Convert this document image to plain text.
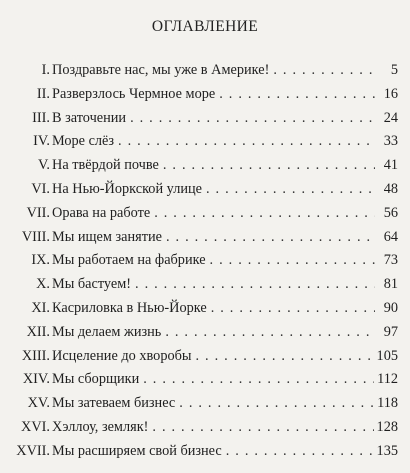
ОГЛАВЛЕНИЕ
I. Поздравьте нас, мы уже в Америке! . . .	5
II. Разверзлось Чермное море . . .	16
III. В заточении . . .	24
IV. Море слёз . . .	33
V. На твёрдой почве . . .	41
VI. На Нью-Йоркской улице . . .	48
VII. Орава на работе . . .	56
VIII. Мы ищем занятие . . .	64
IX. Мы работаем на фабрике . . .	73
X. Мы бастуем! . . .	81
XI. Касриловка в Нью-Йорке . . .	90
XII. Мы делаем жизнь . . .	97
XIII. Исцеление до хворобы . . .	105
XIV. Мы сборщики . . .	112
XV. Мы затеваем бизнес . . .	118
XVI. Хэллоу, земляк! . . .	128
XVII. Мы расширяем свой бизнес . . .	135
